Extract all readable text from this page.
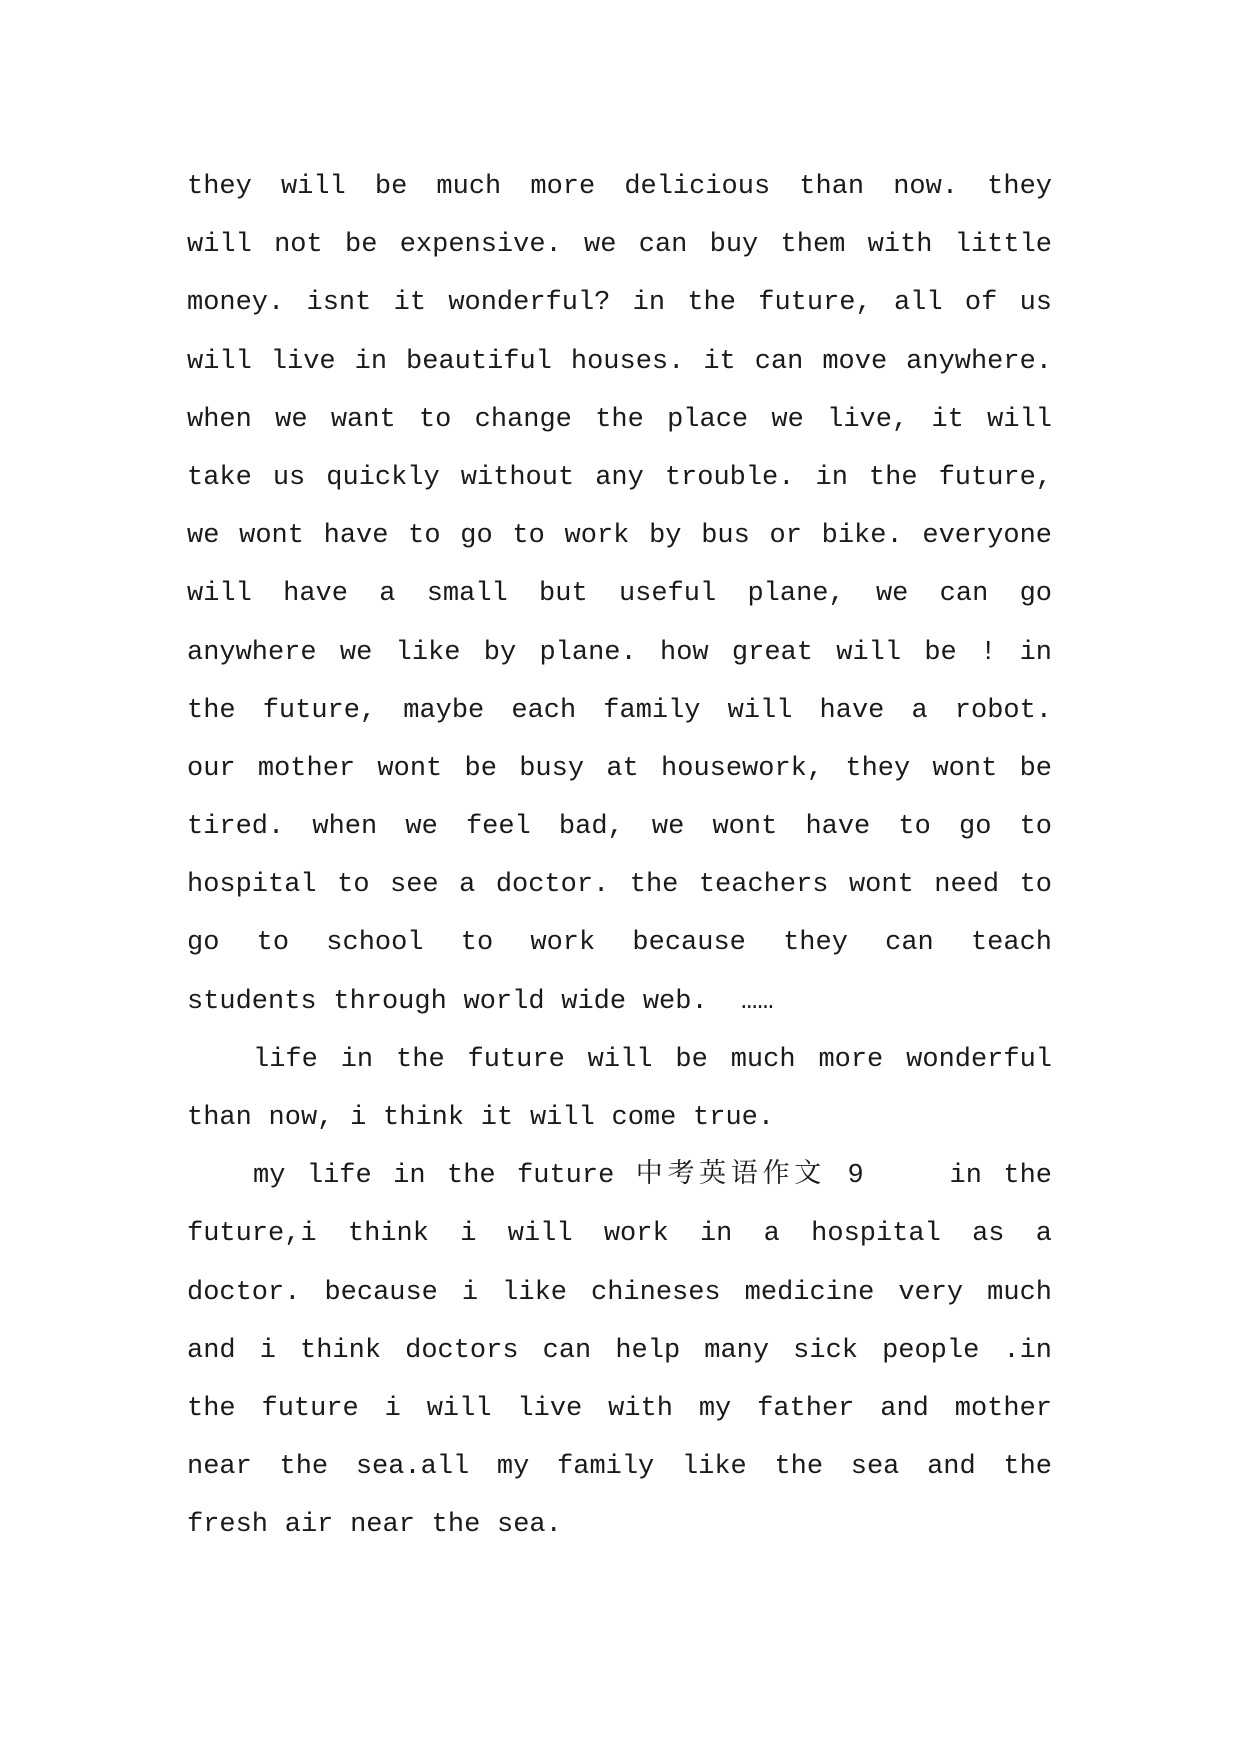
they will be much more delicious than now. they
will not be expensive. we can buy them with little
money. isnt it wonderful? in the future, all of us
will live in beautiful houses. it can move anywhere.
when we want to change the place we live, it will
take us quickly without any trouble. in the future,
we wont have to go to work by bus or bike. everyone
will have a small but useful plane, we can go
anywhere we like by plane. how great will be ! in
the future, maybe each family will have a robot.
our mother wont be busy at housework, they wont be
tired. when we feel bad, we wont have to go to
hospital to see a doctor. the teachers wont need to
go to school to work because they can teach
students through world wide web.  ……
life in the future will be much more wonderful
than now, i think it will come true.
my life in the future 中考英语作文 9    in the
future,i think i will work in a hospital as a
doctor. because i like chineses medicine very much
and i think doctors can help many sick people .in
the future i will live with my father and mother
near the sea.all my family like the sea and the
fresh air near the sea.
